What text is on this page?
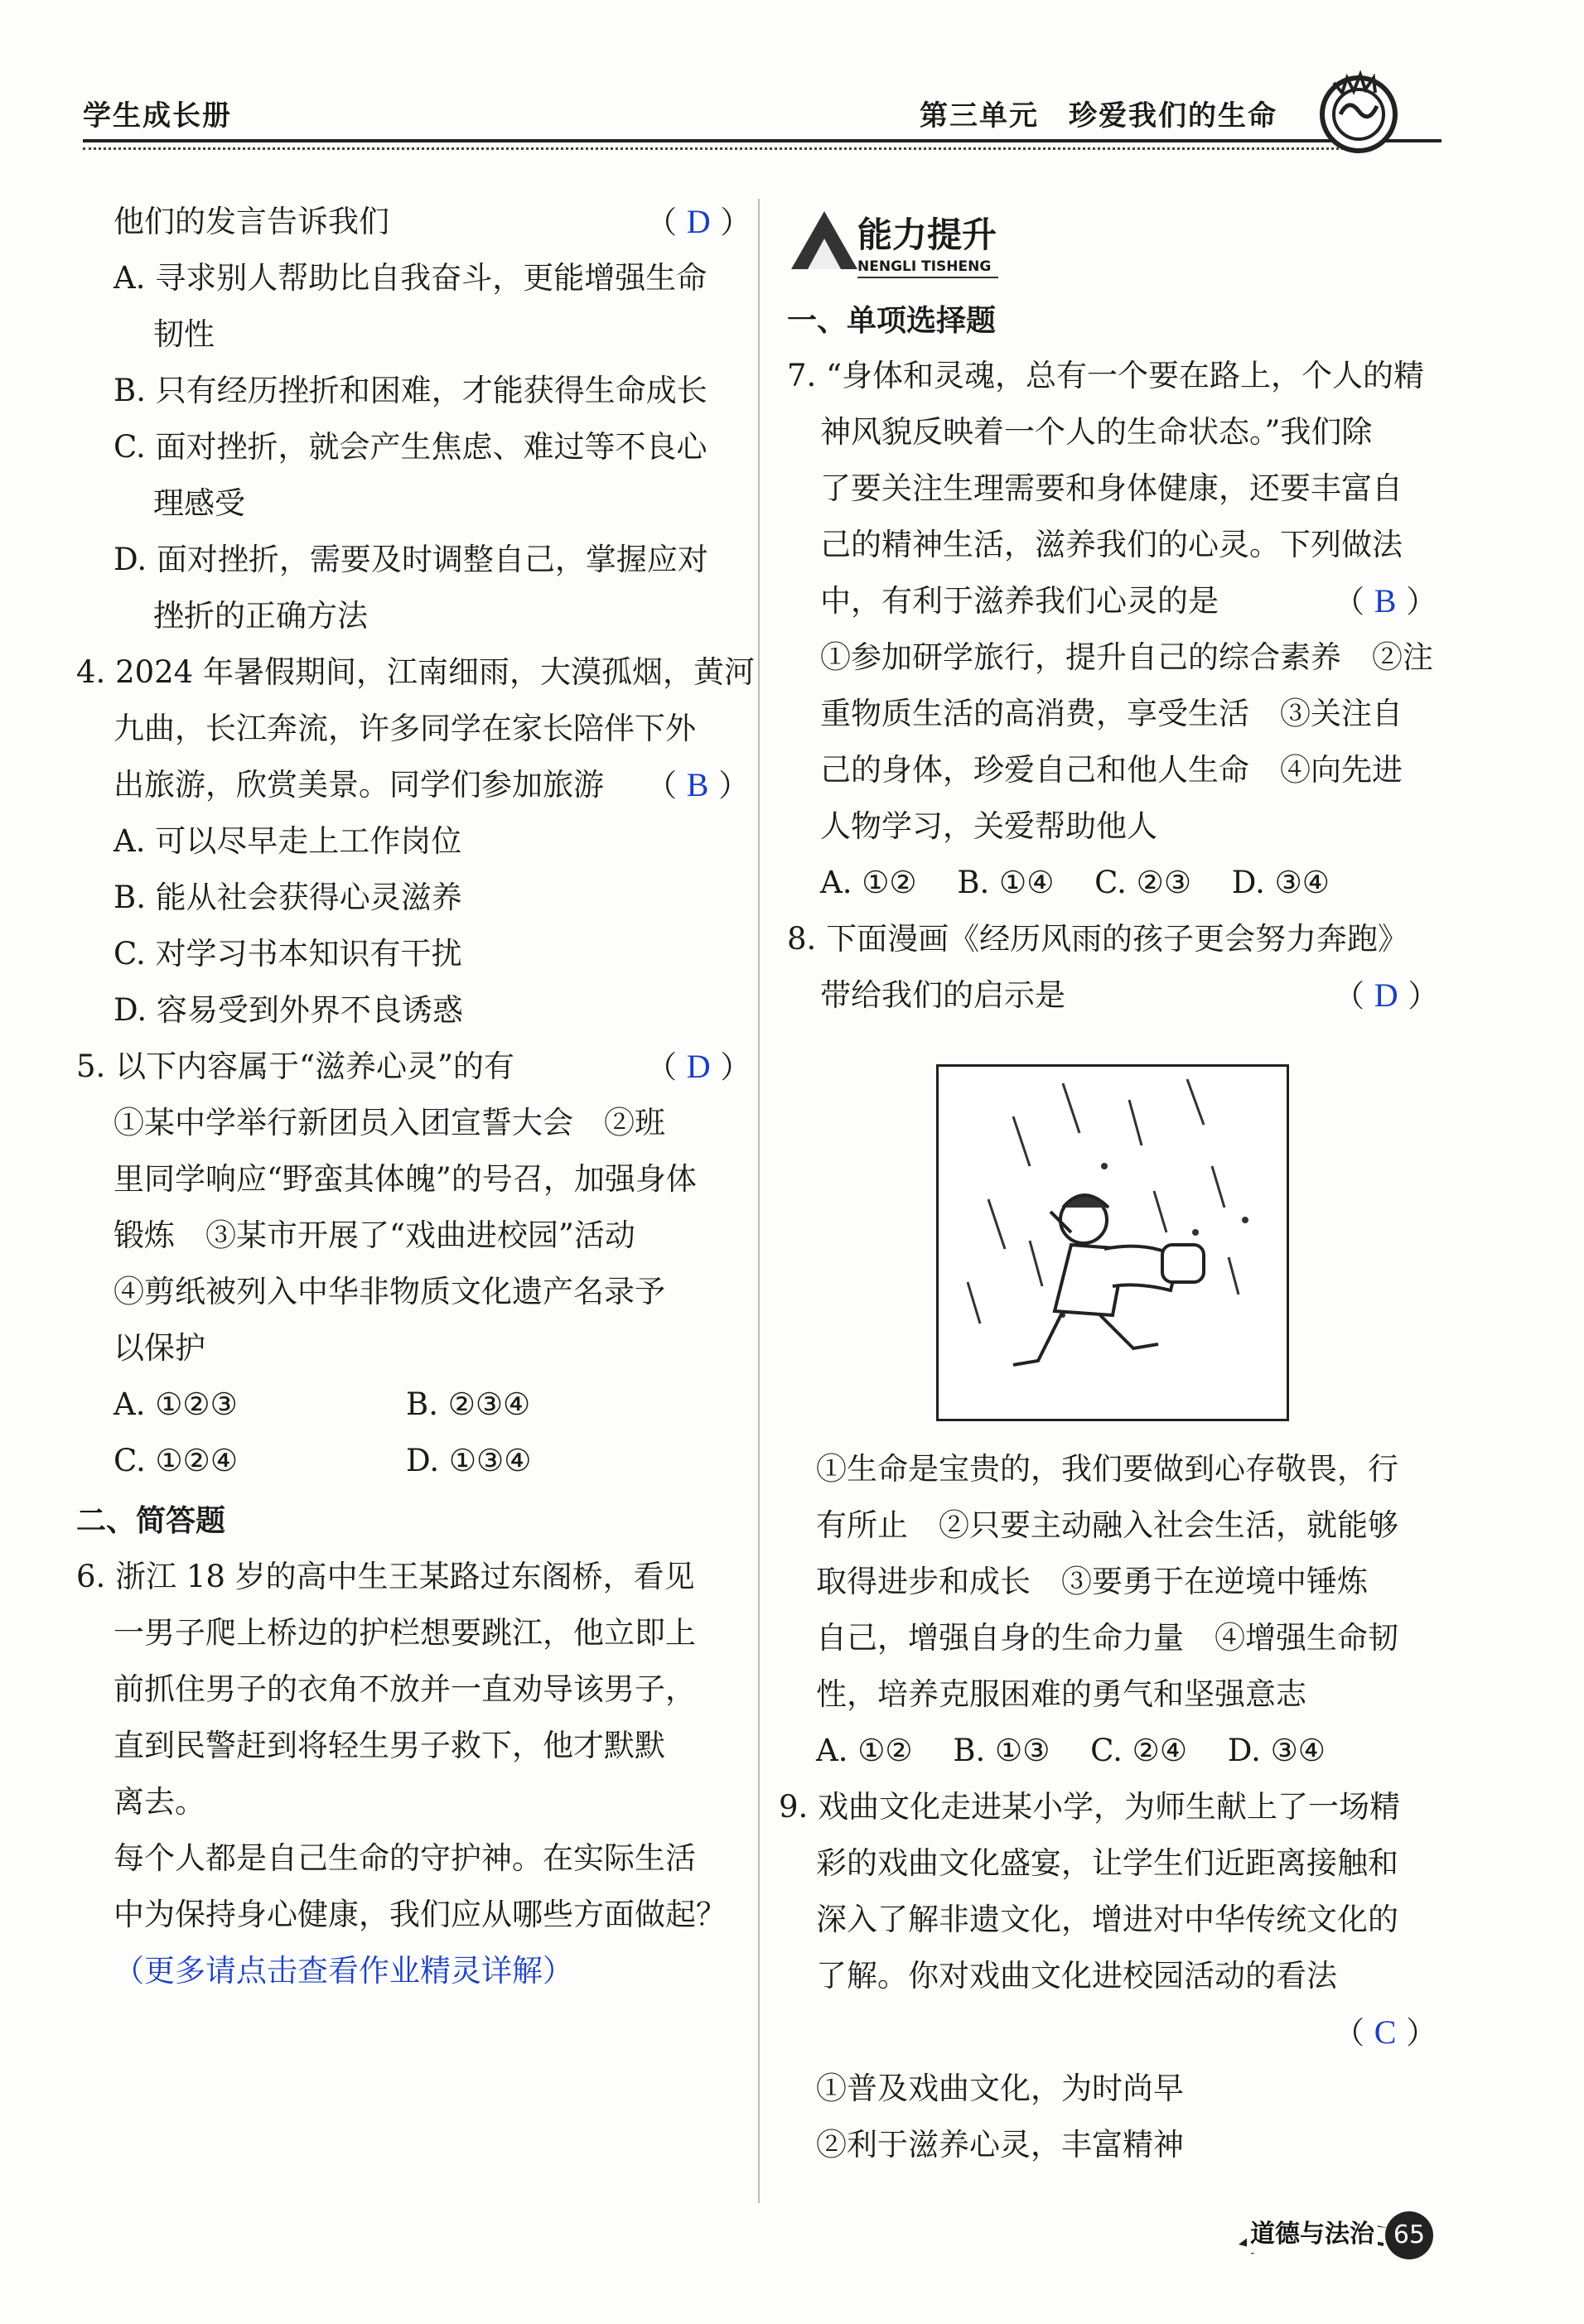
学生成长册	第三单元　珍爱我们的生命
他们的发言告诉我们	（ D ）
A. 寻求别人帮助比自我奋斗，更能增强生命
韧性
B. 只有经历挫折和困难，才能获得生命成长
C. 面对挫折，就会产生焦虑、难过等不良心
理感受
D. 面对挫折，需要及时调整自己，掌握应对
挫折的正确方法
4. 2024 年暑假期间，江南细雨，大漠孤烟，黄河
九曲，长江奔流，许多同学在家长陪伴下外
出旅游，欣赏美景。同学们参加旅游 （ B ）
A. 可以尽早走上工作岗位
B. 能从社会获得心灵滋养
C. 对学习书本知识有干扰
D. 容易受到外界不良诱惑
5. 以下内容属于“滋养心灵”的有	（ D ）
①某中学举行新团员入团宣誓大会　②班
里同学响应“野蛮其体魄”的号召，加强身体
锻炼　③某市开展了“戏曲进校园”活动
④剪纸被列入中华非物质文化遗产名录予
以保护
A. ①②③	B. ②③④
C. ①②④	D. ①③④
二、简答题
6. 浙江 18 岁的高中生王某路过东阁桥，看见
一男子爬上桥边的护栏想要跳江，他立即上
前抓住男子的衣角不放并一直劝导该男子，
直到民警赶到将轻生男子救下，他才默默
离去。
每个人都是自己生命的守护神。在实际生活
中为保持身心健康，我们应从哪些方面做起？
（更多请点击查看作业精灵详解）
能力提升
NENGLI TISHENG
一、单项选择题
7. “身体和灵魂，总有一个要在路上，个人的精
神风貌反映着一个人的生命状态。”我们除
了要关注生理需要和身体健康，还要丰富自
己的精神生活，滋养我们的心灵。下列做法
中，有利于滋养我们心灵的是	（ B ）
①参加研学旅行，提升自己的综合素养　②注
重物质生活的高消费，享受生活　③关注自
己的身体，珍爱自己和他人生命　④向先进
人物学习，关爱帮助他人
A. ①②　 B. ①④　 C. ②③　 D. ③④
8. 下面漫画《经历风雨的孩子更会努力奔跑》
带给我们的启示是	（ D ）
①生命是宝贵的，我们要做到心存敬畏，行
有所止　②只要主动融入社会生活，就能够
取得进步和成长　③要勇于在逆境中锤炼
自己，增强自身的生命力量　④增强生命韧
性，培养克服困难的勇气和坚强意志
A. ①②　 B. ①③　 C. ②④　 D. ③④
9. 戏曲文化走进某小学，为师生献上了一场精
彩的戏曲文化盛宴，让学生们近距离接触和
深入了解非遗文化，增进对中华传统文化的
了解。你对戏曲文化进校园活动的看法
（ C ）
①普及戏曲文化，为时尚早
②利于滋养心灵，丰富精神
道德与法治 65
